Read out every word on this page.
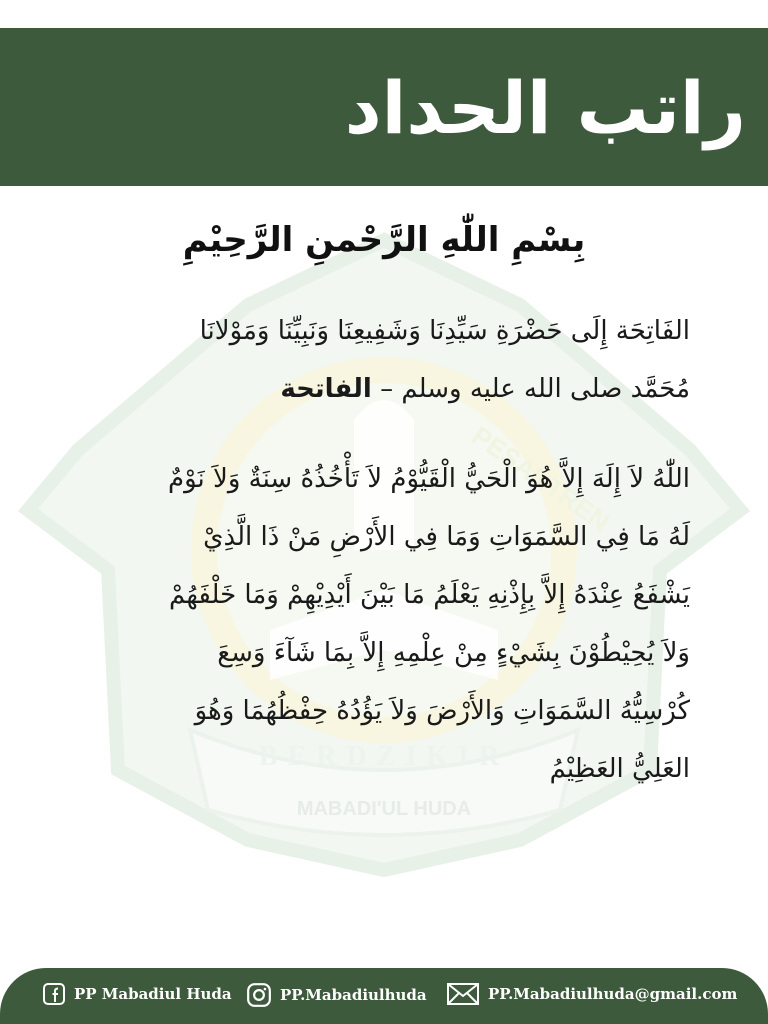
راتب الحداد
PESANTREN
BERDZIKIR
MABADI'UL HUDA
بِسْمِ اللّٰهِ الرَّحْمنِ الرَّحِيْمِ
الفَاتِحَة إِلَى حَضْرَةِ سَيِّدِنَا وَشَفِيعِنَا وَنَبِيِّنَا وَمَوْلانَا
مُحَمَّد صلى الله عليه وسلم – الفاتحة
اللّٰهُ لاَ إِلَهَ إِلاَّ هُوَ الْحَيُّ الْقَيُّوْمُ لاَ تَأْخُذُهُ سِنَةٌ وَلاَ نَوْمٌ
لَهُ مَا فِي السَّمَوَاتِ وَمَا فِي الأَرْضِ مَنْ ذَا الَّذِيْ
يَشْفَعُ عِنْدَهُ إِلاَّ بِإِذْنِهِ يَعْلَمُ مَا بَيْنَ أَيْدِيْهِمْ وَمَا خَلْفَهُمْ
وَلاَ يُحِيْطُوْنَ بِشَيْءٍ مِنْ عِلْمِهِ إِلاَّ بِمَا شَآءَ وَسِعَ
كُرْسِيُّهُ السَّمَوَاتِ وَالأَرْضَ وَلاَ يَؤُدُهُ حِفْظُهُمَا وَهُوَ
العَلِيُّ العَظِيْمُ
PP Mabadiul Huda	PP.Mabadiulhuda	PP.Mabadiulhuda@gmail.com
